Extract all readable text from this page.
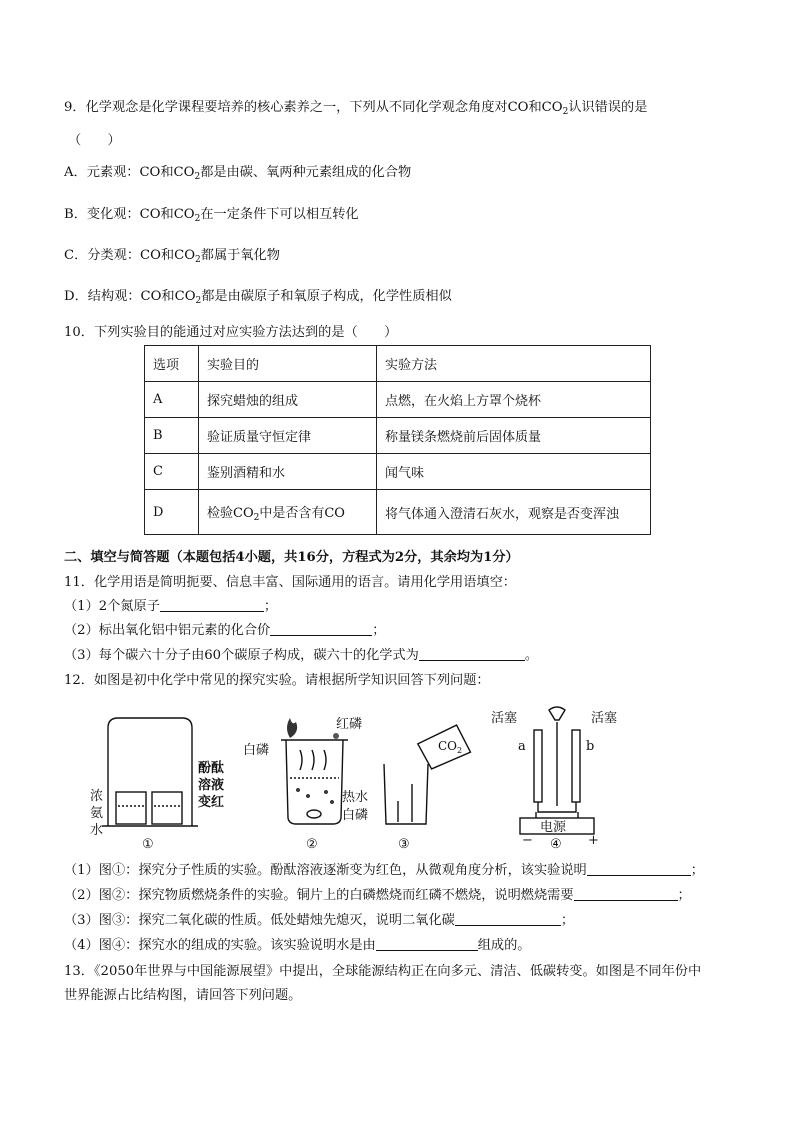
9．化学观念是化学课程要培养的核心素养之一，下列从不同化学观念角度对CO和$CO_2$认识错误的是
（　　）
A．元素观：CO和$CO_2$都是由碳、氧两种元素组成的化合物
B．变化观：CO和$CO_2$在一定条件下可以相互转化
C．分类观：CO和$CO_2$都属于氧化物
D．结构观：CO和$CO_2$都是由碳原子和氧原子构成，化学性质相似
10．下列实验目的能通过对应实验方法达到的是（　　）
选项	实验目的	实验方法
A	探究蜡烛的组成	点燃，在火焰上方罩个烧杯
B	验证质量守恒定律	称量镁条燃烧前后固体质量
C	鉴别酒精和水	闻气味
D	检验$CO_2$中是否含有CO	将气体通入澄清石灰水，观察是否变浑浊
二、填空与简答题（本题包括4小题，共16分，方程式为2分，其余均为1分）
11．化学用语是简明扼要、信息丰富、国际通用的语言。请用化学用语填空：
（1）2个氮原子	；
（2）标出氧化铝中铝元素的化合价	；
（3）每个碳六十分子由60个碳原子构成，碳六十的化学式为	。
12．如图是初中化学中常见的探究实验。请根据所学知识回答下列问题：
浓
氨
水
酚酞
溶液
变红
①
白磷
红磷
热水
白磷
②
$CO_2$
③
活塞	活塞
a	b
电源
−	+
④
（1）图①：探究分子性质的实验。酚酞溶液逐渐变为红色，从微观角度分析，该实验说明	；
（2）图②：探究物质燃烧条件的实验。铜片上的白磷燃烧而红磷不燃烧，说明燃烧需要	；
（3）图③：探究二氧化碳的性质。低处蜡烛先熄灭，说明二氧化碳	；
（4）图④：探究水的组成的实验。该实验说明水是由	组成的。
13．《2050年世界与中国能源展望》中提出，全球能源结构正在向多元、清洁、低碳转变。如图是不同年份中
世界能源占比结构图，请回答下列问题。
